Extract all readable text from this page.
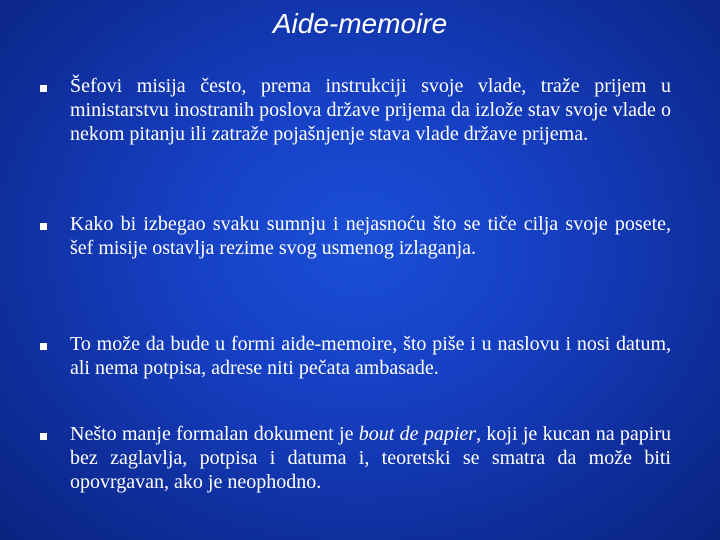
Aide-memoire
Šefovi misija često, prema instrukciji svoje vlade, traže prijem u ministarstvu inostranih poslova države prijema da izlože stav svoje vlade o nekom pitanju ili zatraže pojašnjenje stava vlade države prijema.
Kako bi izbegao svaku sumnju i nejasnoću što se tiče cilja svoje posete, šef misije ostavlja rezime svog usmenog izlaganja.
To može da bude u formi aide-memoire, što piše i u naslovu i nosi datum, ali nema potpisa, adrese niti pečata ambasade.
Nešto manje formalan dokument je bout de papier, koji je kucan na papiru bez zaglavlja, potpisa i datuma i, teoretski se smatra da može biti opovrgavan, ako je neophodno.
